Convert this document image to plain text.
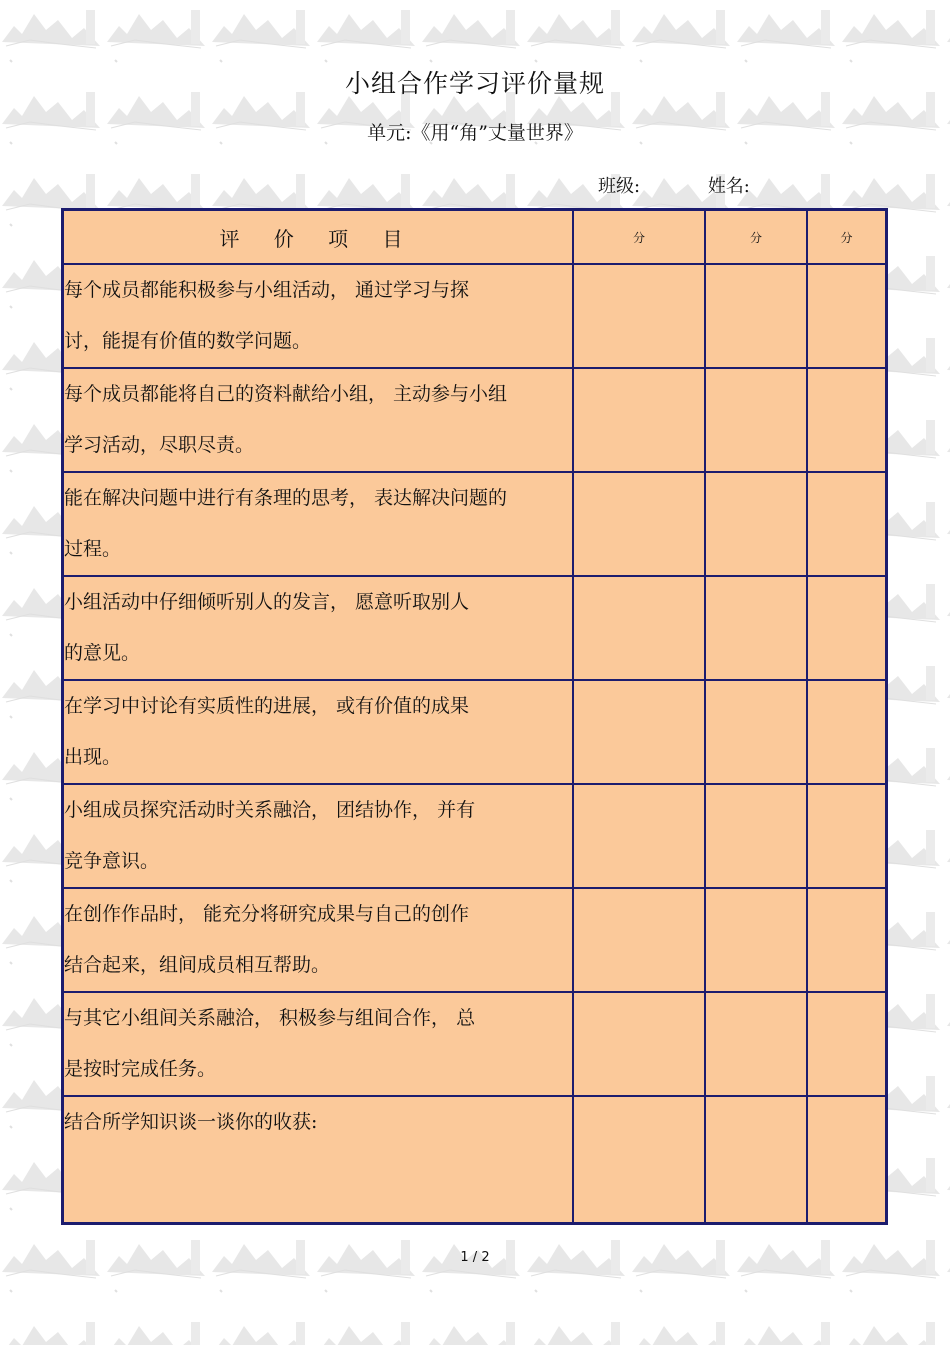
小组合作学习评价量规
单元:《用“角”丈量世界》
班级:	姓名:
评 价 项 目	分	分	分

每个成员都能积极参与小组活动， 通过学习与探
讨，能提有价值的数学问题。			

每个成员都能将自己的资料献给小组， 主动参与小组
学习活动，尽职尽责。			

能在解决问题中进行有条理的思考， 表达解决问题的
过程。			

小组活动中仔细倾听别人的发言， 愿意听取别人
的意见。			

在学习中讨论有实质性的进展， 或有价值的成果
出现。			

小组成员探究活动时关系融洽， 团结协作， 并有
竞争意识。			

在创作作品时， 能充分将研究成果与自己的创作
结合起来，组间成员相互帮助。			

与其它小组间关系融洽， 积极参与组间合作， 总
是按时完成任务。			

结合所学知识谈一谈你的收获:			

1 / 2
